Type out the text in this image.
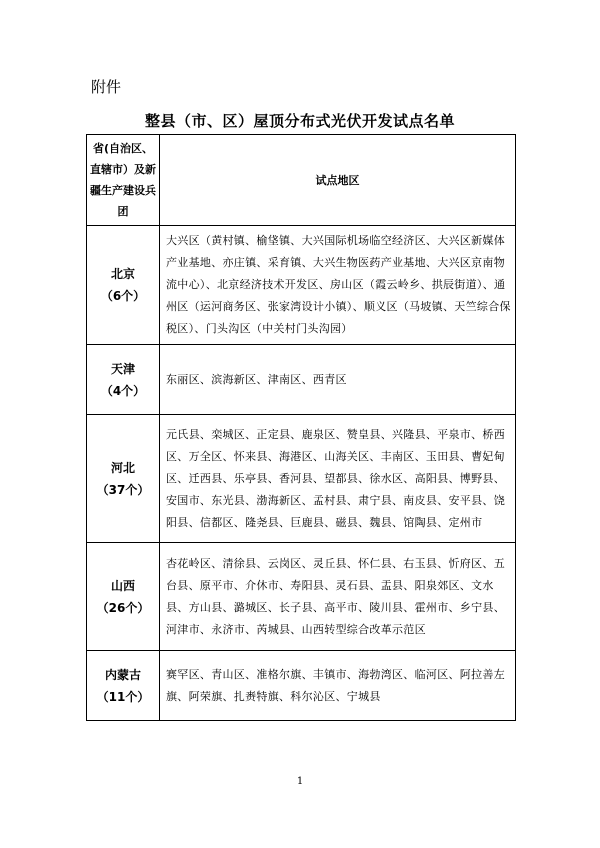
附件
整县（市、区）屋顶分布式光伏开发试点名单
省(自治区、直辖市）及新疆生产建设兵团	试点地区

北京
（6个）	大兴区（黄村镇、榆垡镇、大兴国际机场临空经济区、大兴区新媒体产业基地、亦庄镇、采育镇、大兴生物医药产业基地、大兴区京南物流中心）、北京经济技术开发区、房山区（霞云岭乡、拱辰街道）、通州区（运河商务区、张家湾设计小镇）、顺义区（马坡镇、天竺综合保税区）、门头沟区（中关村门头沟园）

天津
（4个）	东丽区、滨海新区、津南区、西青区

河北
（37个）	元氏县、栾城区、正定县、鹿泉区、赞皇县、兴隆县、平泉市、桥西区、万全区、怀来县、海港区、山海关区、丰南区、玉田县、曹妃甸区、迁西县、乐亭县、香河县、望都县、徐水区、高阳县、博野县、安国市、东光县、渤海新区、孟村县、肃宁县、南皮县、安平县、饶阳县、信都区、隆尧县、巨鹿县、磁县、魏县、馆陶县、定州市

山西
（26个）	杏花岭区、清徐县、云岗区、灵丘县、怀仁县、右玉县、忻府区、五台县、原平市、介休市、寿阳县、灵石县、盂县、阳泉郊区、文水县、方山县、潞城区、长子县、高平市、陵川县、霍州市、乡宁县、河津市、永济市、芮城县、山西转型综合改革示范区

内蒙古
（11个）	赛罕区、青山区、准格尔旗、丰镇市、海勃湾区、临河区、阿拉善左旗、阿荣旗、扎赉特旗、科尔沁区、宁城县
1
